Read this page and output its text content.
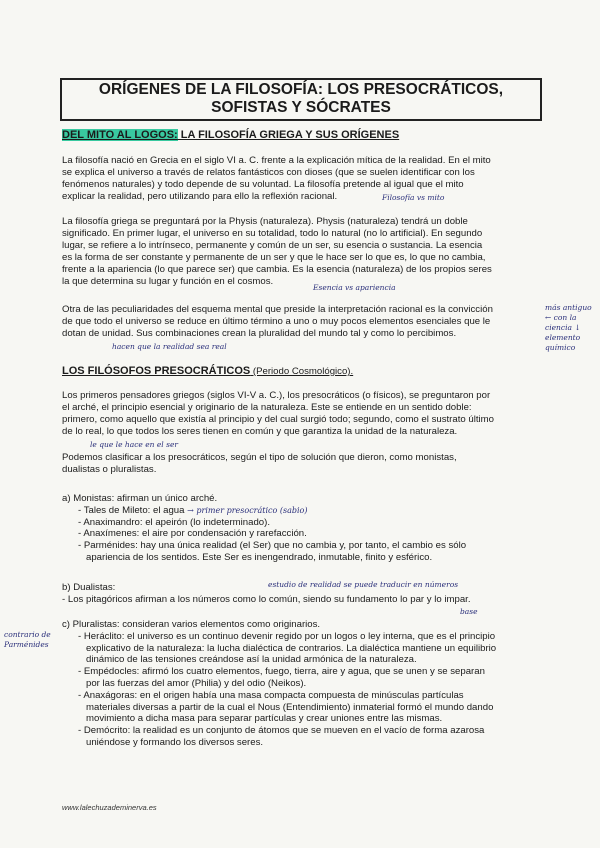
ORÍGENES DE LA FILOSOFÍA: LOS PRESOCRÁTICOS,
SOFISTAS Y SÓCRATES
DEL MITO AL LOGOS: LA FILOSOFÍA GRIEGA Y SUS ORÍGENES
La filosofía nació en Grecia en el siglo VI a. C. frente a la explicación mítica de la realidad. En el mito
se explica el universo a través de relatos fantásticos con dioses (que se suelen identificar con los
fenómenos naturales) y todo depende de su voluntad. La filosofía pretende al igual que el mito
explicar la realidad, pero utilizando para ello la reflexión racional.	Filosofía vs mito
La filosofía griega se preguntará por la Physis (naturaleza). Physis (naturaleza) tendrá un doble
significado. En primer lugar, el universo en su totalidad, todo lo natural (no lo artificial). En segundo
lugar, se refiere a lo intrínseco, permanente y común de un ser, su esencia o sustancia. La esencia
es la forma de ser constante y permanente de un ser y que le hace ser lo que es, lo que no cambia,
frente a la apariencia (lo que parece ser) que cambia. Es la esencia (naturaleza) de los propios seres
la que determina su lugar y función en el cosmos.
Esencia vs apariencia
Otra de las peculiaridades del esquema mental que preside la interpretación racional es la convicción
de que todo el universo se reduce en último término a uno o muy pocos elementos esenciales que le
dotan de unidad. Sus combinaciones crean la pluralidad del mundo tal y como lo percibimos.
hacen que la realidad sea real
más antiguo ← con la ciencia ↓ elemento químico
LOS FILÓSOFOS PRESOCRÁTICOS (Periodo Cosmológico).
Los primeros pensadores griegos (siglos VI-V a. C.), los presocráticos (o físicos), se preguntaron por
el arché, el principio esencial y originario de la naturaleza. Este se entiende en un sentido doble:
primero, como aquello que existía al principio y del cual surgió todo; segundo, como el sustrato último
de lo real, lo que todos los seres tienen en común y que garantiza la unidad de la naturaleza.
le que le hace en el ser
Podemos clasificar a los presocráticos, según el tipo de solución que dieron, como monistas,
dualistas o pluralistas.
a) Monistas: afirman un único arché.
- Tales de Mileto: el agua → primer presocrático (sabio)
- Anaximandro: el apeirón (lo indeterminado).
- Anaxímenes: el aire por condensación y rarefacción.
- Parménides: hay una única realidad (el Ser) que no cambia y, por tanto, el cambio es sólo
apariencia de los sentidos. Este Ser es inengendrado, inmutable, finito y esférico.
b) Dualistas:
- Los pitagóricos afirman a los números como lo común, siendo su fundamento lo par y lo impar.
estudio de realidad se puede traducir en números
base
c) Pluralistas: consideran varios elementos como originarios.
- Heráclito: el universo es un continuo devenir regido por un logos o ley interna, que es el principio
explicativo de la naturaleza: la lucha dialéctica de contrarios. La dialéctica mantiene un equilibrio
dinámico de las tensiones creándose así la unidad armónica de la naturaleza.
- Empédocles: afirmó los cuatro elementos, fuego, tierra, aire y agua, que se unen y se separan
por las fuerzas del amor (Philia) y del odio (Neikos).
- Anaxágoras: en el origen había una masa compacta compuesta de minúsculas partículas
materiales diversas a partir de la cual el Nous (Entendimiento) inmaterial formó el mundo dando
movimiento a dicha masa para separar partículas y crear uniones entre las mismas.
- Demócrito: la realidad es un conjunto de átomos que se mueven en el vacío de forma azarosa
uniéndose y formando los diversos seres.
contrario de Parménides
www.lalechuzademinerva.es
